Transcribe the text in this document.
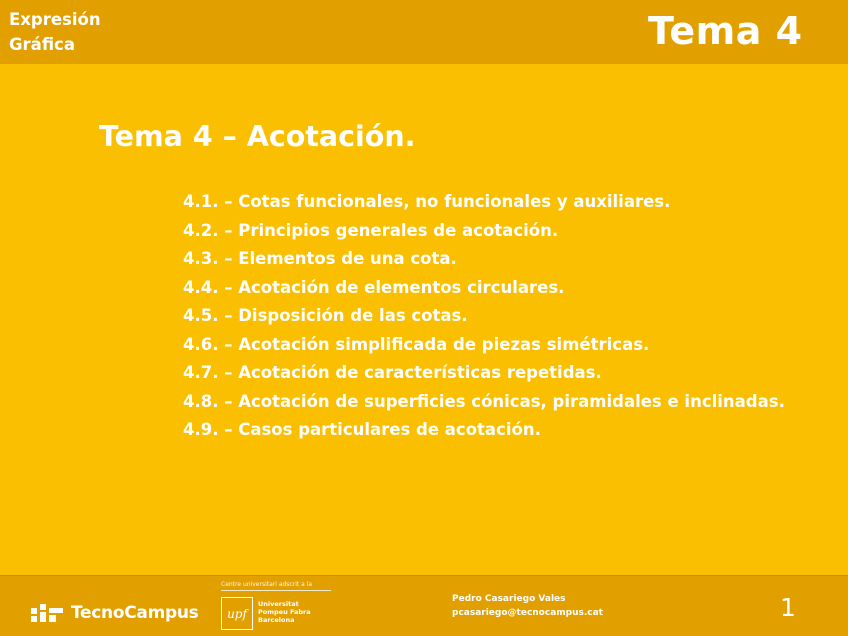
Expresión
Gráfica	Tema 4
Tema 4 – Acotación.
4.1. – Cotas funcionales, no funcionales y auxiliares.
4.2. – Principios generales de acotación.
4.3. – Elementos de una cota.
4.4. – Acotación de elementos circulares.
4.5. – Disposición de las cotas.
4.6. – Acotación simplificada de piezas simétricas.
4.7. – Acotación de características repetidas.
4.8. – Acotación de superficies cónicas, piramidales e inclinadas.
4.9. – Casos particulares de acotación.
TecnoCampus
Centre universitari adscrit a la
upf
Universitat
Pompeu Fabra
Barcelona
Pedro Casariego Vales
pcasariego@tecnocampus.cat	1
